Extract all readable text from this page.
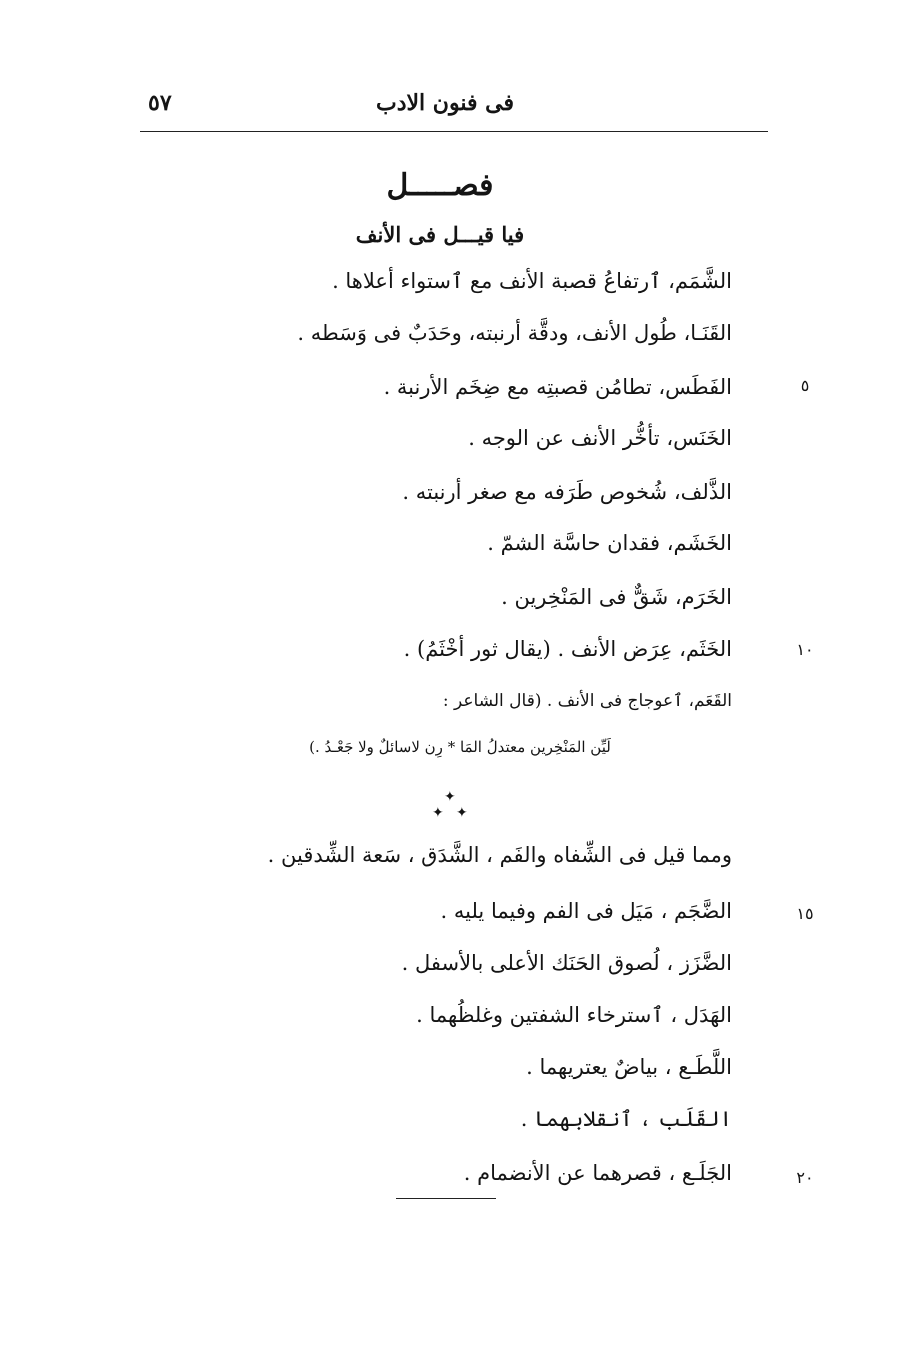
فى فنون الادب
٥٧
فصـــــل
فيا قيـــل فى الأنف
الشَّمَم، ٱرتفاعُ قصبة الأنف مع ٱستواء أعلاها .
القَنَـا، طُول الأنف، ودقَّة أرنبته، وحَدَبٌ فى وَسَطه .
الفَطَس، تطامُن قصبتِه مع ضِخَم الأرنبة .
الخَنَس، تأخُّر الأنف عن الوجه .
الذَّلف، شُخوص طَرَفه مع صغر أرنبته .
الخَشَم، فقدان حاسَّة الشمّ .
الخَرَم، شَقٌّ فى المَنْخِرين .
الخَثَم، عِرَض الأنف . (يقال ثور أخْثَمُ) .
القَعَم، ٱعوجاج فى الأنف . (قال الشاعر :
لَيِّن المَنْخِرين معتدلُ المَا * رِن لاسائلٌ ولا جَعْـدُ .)
✦
✦ ✦
ومما قيل فى الشِّفاه والفَم ، الشَّدَق ، سَعة الشِّدقين .
الضَّجَم ، مَيَل فى الفم وفيما يليه .
الضَّزَز ، لُصوق الحَنَك الأعلى بالأسفل .
الهَدَل ، ٱسترخاء الشفتين وغلظُهما .
اللَّطَـع ، بياضٌ يعتريهما .
القَلَب ، ٱنقلابهما .
الجَلَـع ، قصرهما عن الأنضمام .
٥
١٠
١٥
٢٠
